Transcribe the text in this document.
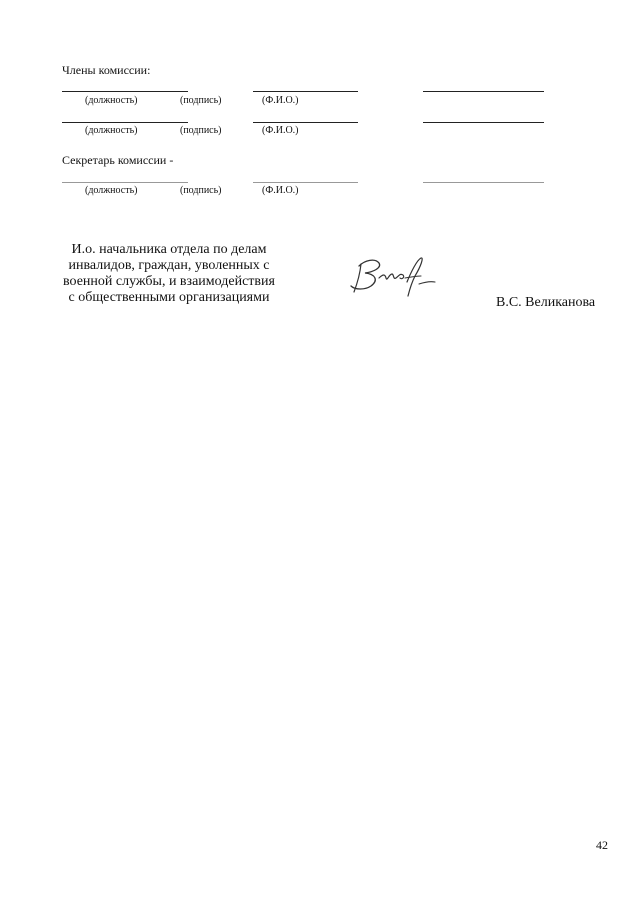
Члены комиссии:
(должность)	(подпись)	(Ф.И.О.)
(должность)	(подпись)	(Ф.И.О.)
Секретарь комиссии -
(должность)	(подпись)	(Ф.И.О.)
И.о. начальника отдела по делам
инвалидов, граждан, уволенных с
военной службы, и взаимодействия
с общественными организациями	В.С. Великанова
42
